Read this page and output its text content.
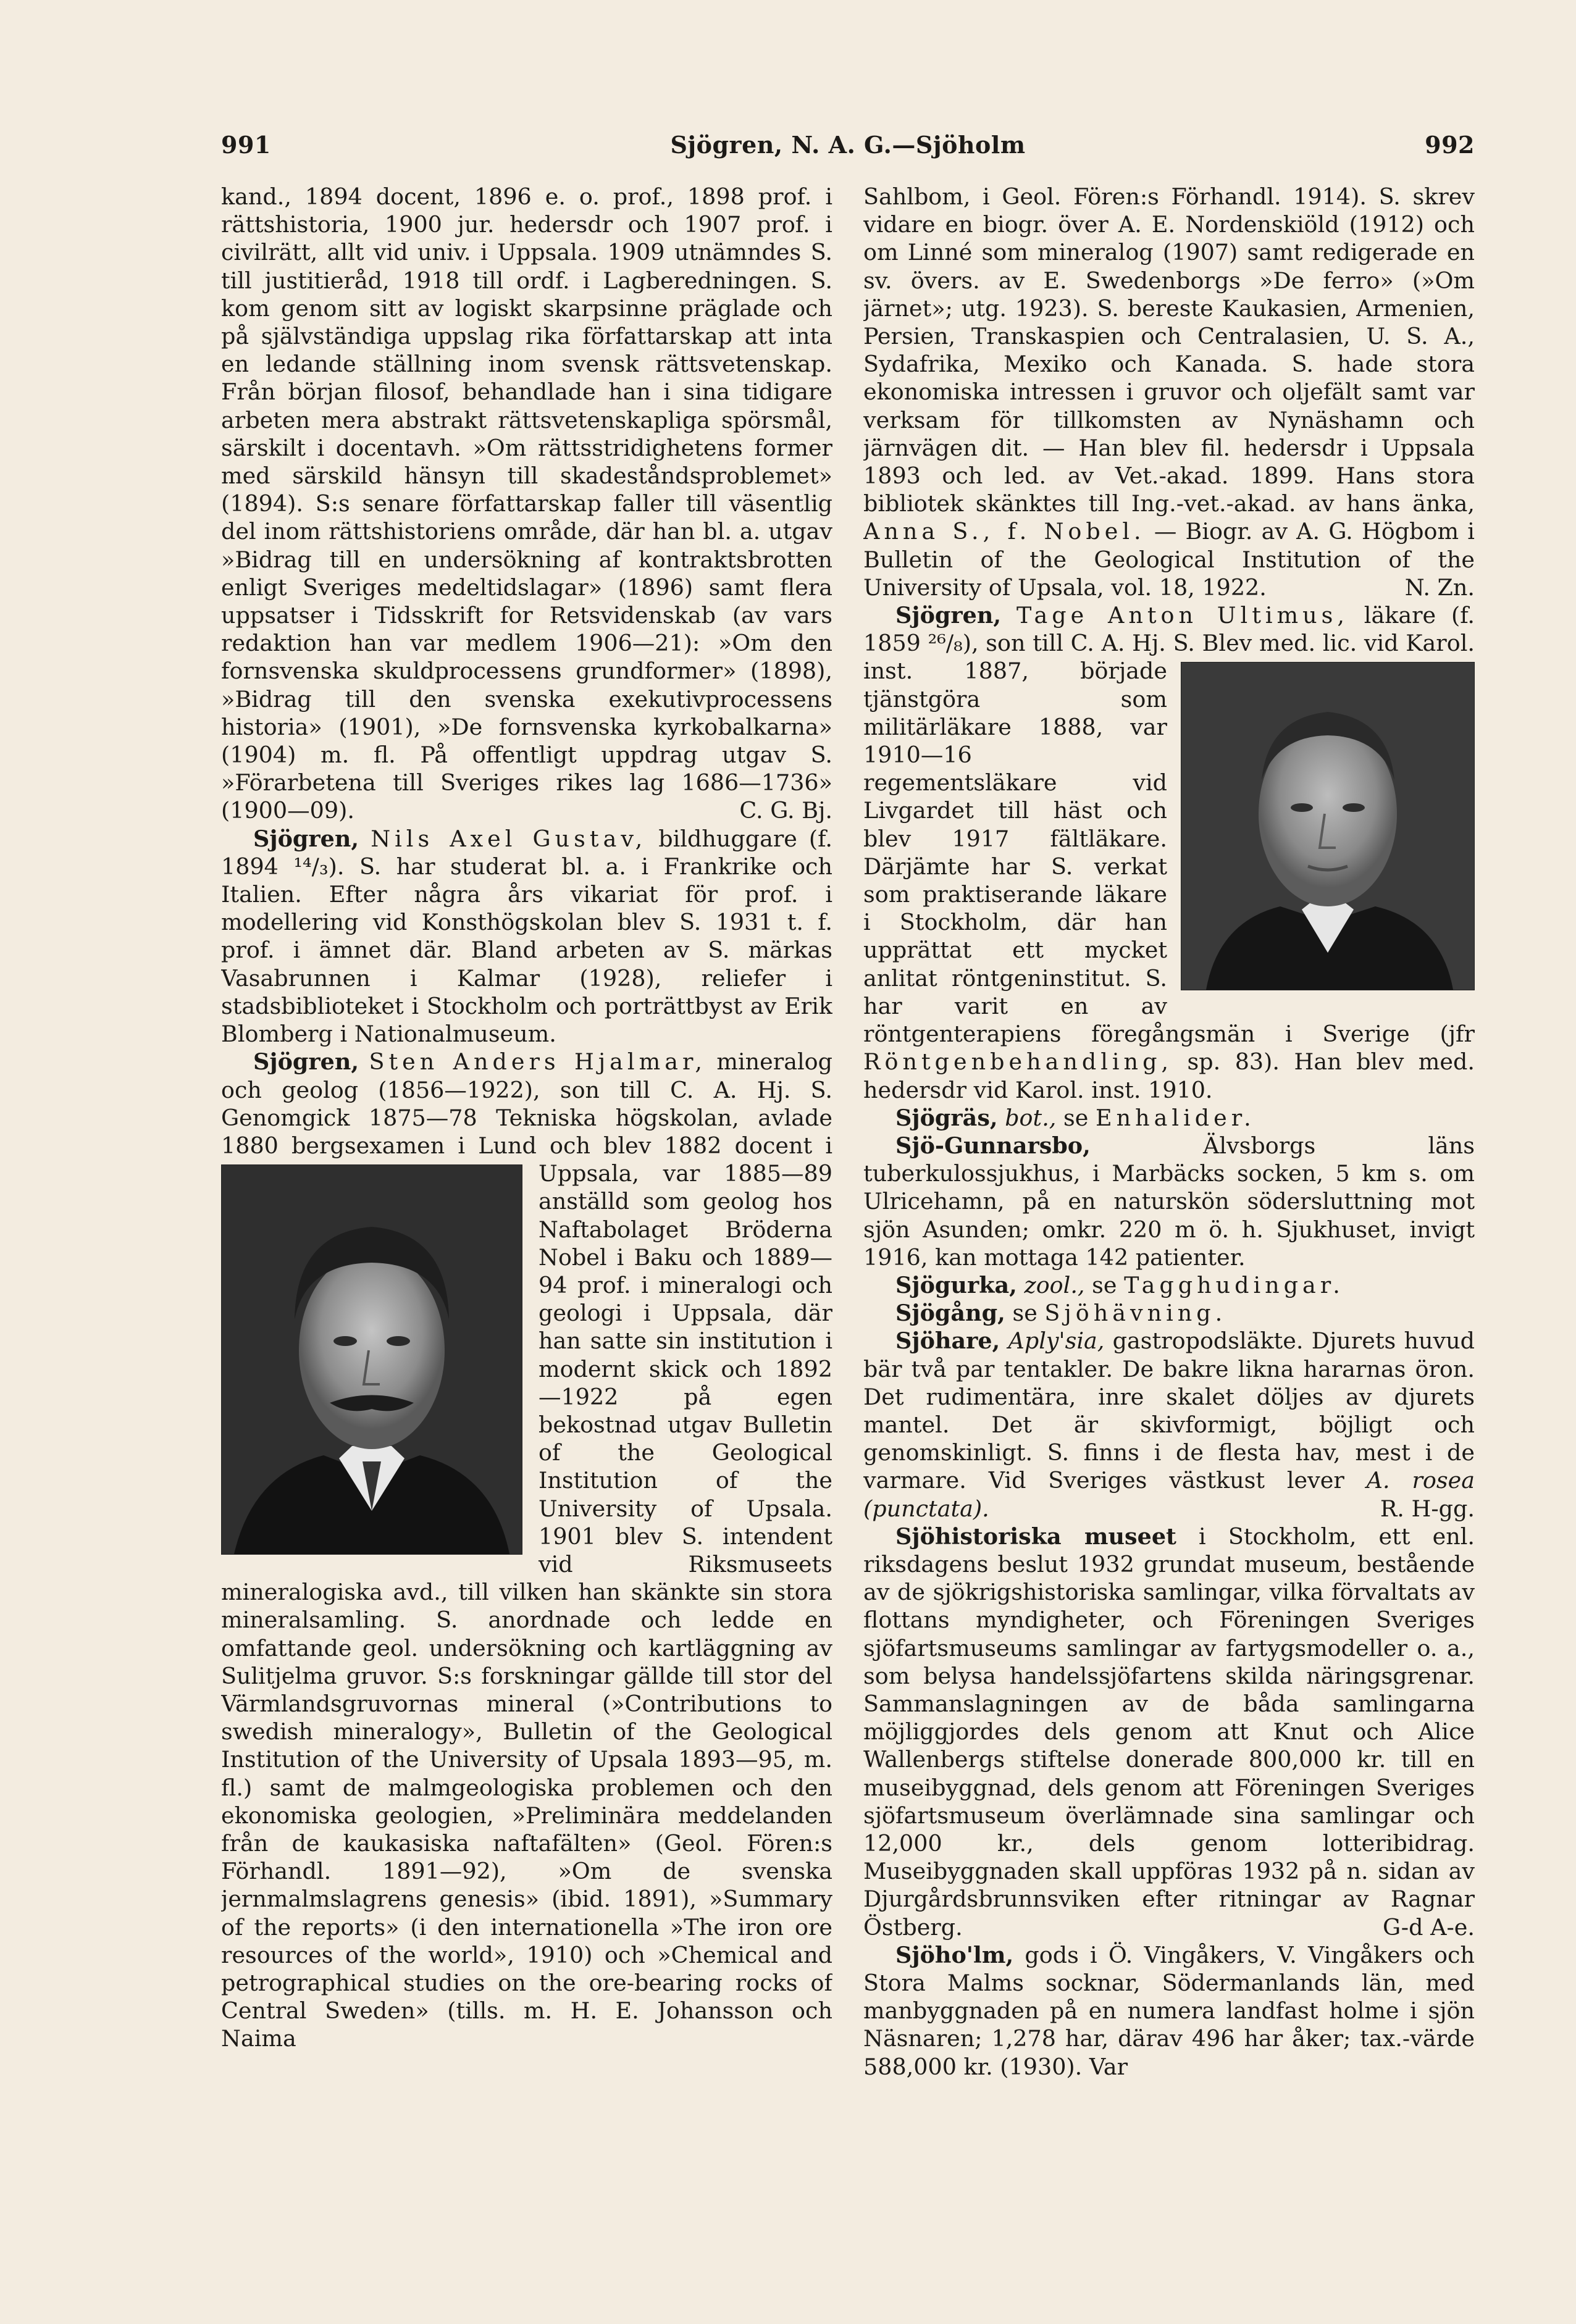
991	Sjögren, N. A. G.—Sjöholm	992

kand., 1894 docent, 1896 e. o. prof., 1898 prof. i rättshistoria, 1900 jur. hedersdr och 1907 prof. i civilrätt, allt vid univ. i Uppsala. 1909 utnämndes S. till justitieråd, 1918 till ordf. i Lagberedningen. S. kom genom sitt av logiskt skarpsinne präglade och på självständiga uppslag rika författarskap att inta en ledande ställning inom svensk rättsvetenskap. Från början filosof, behandlade han i sina tidigare arbeten mera abstrakt rättsvetenskapliga spörsmål, särskilt i docentavh. »Om rättsstridighetens former med särskild hänsyn till skadeståndsproblemet» (1894). S:s senare författarskap faller till väsentlig del inom rättshistoriens område, där han bl. a. utgav »Bidrag till en undersökning af kontraktsbrotten enligt Sveriges medeltidslagar» (1896) samt flera uppsatser i Tidsskrift for Retsvidenskab (av vars redaktion han var medlem 1906—21): »Om den fornsvenska skuldprocessens grundformer» (1898), »Bidrag till den svenska exekutivprocessens historia» (1901), »De fornsvenska kyrkobalkarna» (1904) m. fl. På offentligt uppdrag utgav S. »Förarbetena till Sveriges rikes lag 1686—1736» (1900—09).	C. G. Bj.

Sjögren, Nils Axel Gustav, bildhuggare (f. 1894 ¹⁴/₃). S. har studerat bl. a. i Frankrike och Italien. Efter några års vikariat för prof. i modellering vid Konsthögskolan blev S. 1931 t. f. prof. i ämnet där. Bland arbeten av S. märkas Vasabrunnen i Kalmar (1928), reliefer i stadsbiblioteket i Stockholm och porträttbyst av Erik Blomberg i Nationalmuseum.

Sjögren, Sten Anders Hjalmar, mineralog och geolog (1856—1922), son till C. A. Hj. S. Genomgick 1875—78 Tekniska högskolan, avlade 1880 bergsexamen i Lund
och blev 1882 docent i Uppsala, var 1885—89 anställd som geolog hos Naftabolaget Bröderna Nobel i Baku och 1889—94 prof. i mineralogi och geologi i Uppsala, där han satte sin institution i modernt skick och 1892—1922 på egen bekostnad utgav Bulletin of the Geological Institution of the University of Upsala. 1901 blev S. intendent vid Riksmuseets mineralogiska avd., till vilken han skänkte sin stora mineralsamling. S. anordnade och ledde en omfattande geol. undersökning och kartläggning av Sulitjelma gruvor. S:s forskningar gällde till stor del Värmlandsgruvornas mineral (»Contributions to swedish mineralogy», Bulletin of the Geological Institution of the University of Upsala 1893—95, m. fl.) samt de malmgeologiska problemen och den ekonomiska geologien, »Preliminära meddelanden från de kaukasiska naftafälten» (Geol. Fören:s Förhandl. 1891—92), »Om de svenska jernmalmslagrens genesis» (ibid. 1891), »Summary of the reports» (i den internationella »The iron ore resources of the world», 1910) och »Chemical and petrographical studies on the ore-bearing rocks of Central Sweden» (tills. m. H. E. Johansson och Naima

Sahlbom, i Geol. Fören:s Förhandl. 1914). S. skrev vidare en biogr. över A. E. Nordenskiöld (1912) och om Linné som mineralog (1907) samt redigerade en sv. övers. av E. Swedenborgs »De ferro» (»Om järnet»; utg. 1923). S. bereste Kaukasien, Armenien, Persien, Transkaspien och Centralasien, U. S. A., Sydafrika, Mexiko och Kanada. S. hade stora ekonomiska intressen i gruvor och oljefält samt var verksam för tillkomsten av Nynäshamn och järnvägen dit. — Han blev fil. hedersdr i Uppsala 1893 och led. av Vet.-akad. 1899. Hans stora bibliotek skänktes till Ing.-vet.-akad. av hans änka, Anna S., f. Nobel. — Biogr. av A. G. Högbom i Bulletin of the Geological Institution of the University of Upsala, vol. 18, 1922.	N. Zn.

Sjögren, Tage Anton Ultimus, läkare (f. 1859 ²⁶/₈), son till C. A. Hj. S. Blev med.
lic. vid Karol. inst. 1887, började tjänstgöra som militärläkare 1888, var 1910—16 regementsläkare vid Livgardet till häst och blev 1917 fältläkare. Därjämte har S. verkat som praktiserande läkare i Stockholm, där han upprättat ett mycket anlitat röntgeninstitut. S. har varit en av röntgenterapiens föregångsmän i Sverige (jfr Röntgenbehandling, sp. 83). Han blev med. hedersdr vid Karol. inst. 1910.

Sjögräs, bot., se Enhalider.

Sjö-Gunnarsbo,	Älvsborgs läns tuberkulossjukhus, i Marbäcks socken, 5 km s. om Ulricehamn, på en naturskön södersluttning mot sjön Asunden; omkr. 220 m ö. h. Sjukhuset, invigt 1916, kan mottaga 142 patienter.

Sjögurka, zool., se Tagghudingar.

Sjögång, se Sjöhävning.

Sjöhare, Aply'sia, gastropodsläkte. Djurets huvud bär två par tentakler. De bakre likna hararnas öron. Det rudimentära, inre skalet döljes av djurets mantel. Det är skivformigt, böjligt och genomskinligt. S. finns i de flesta hav, mest i de varmare. Vid Sveriges västkust lever A. rosea (punctata).	R. H-gg.

Sjöhistoriska museet i Stockholm, ett enl. riksdagens beslut 1932 grundat museum, bestående av de sjökrigshistoriska samlingar, vilka förvaltats av flottans myndigheter, och Föreningen Sveriges sjöfartsmuseums samlingar av fartygsmodeller o. a., som belysa handelssjöfartens skilda näringsgrenar. Sammanslagningen av de båda samlingarna möjliggjordes dels genom att Knut och Alice Wallenbergs stiftelse donerade 800,000 kr. till en museibyggnad, dels genom att Föreningen Sveriges sjöfartsmuseum överlämnade sina samlingar och 12,000 kr., dels genom lotteribidrag. Museibyggnaden skall uppföras 1932 på n. sidan av Djurgårdsbrunnsviken efter ritningar av Ragnar Östberg.	G-d A-e.

Sjöho'lm, gods i Ö. Vingåkers, V. Vingåkers och Stora Malms socknar, Södermanlands län, med manbyggnaden på en numera landfast holme i sjön Näsnaren; 1,278 har, därav 496 har åker; tax.-värde 588,000 kr. (1930). Var
